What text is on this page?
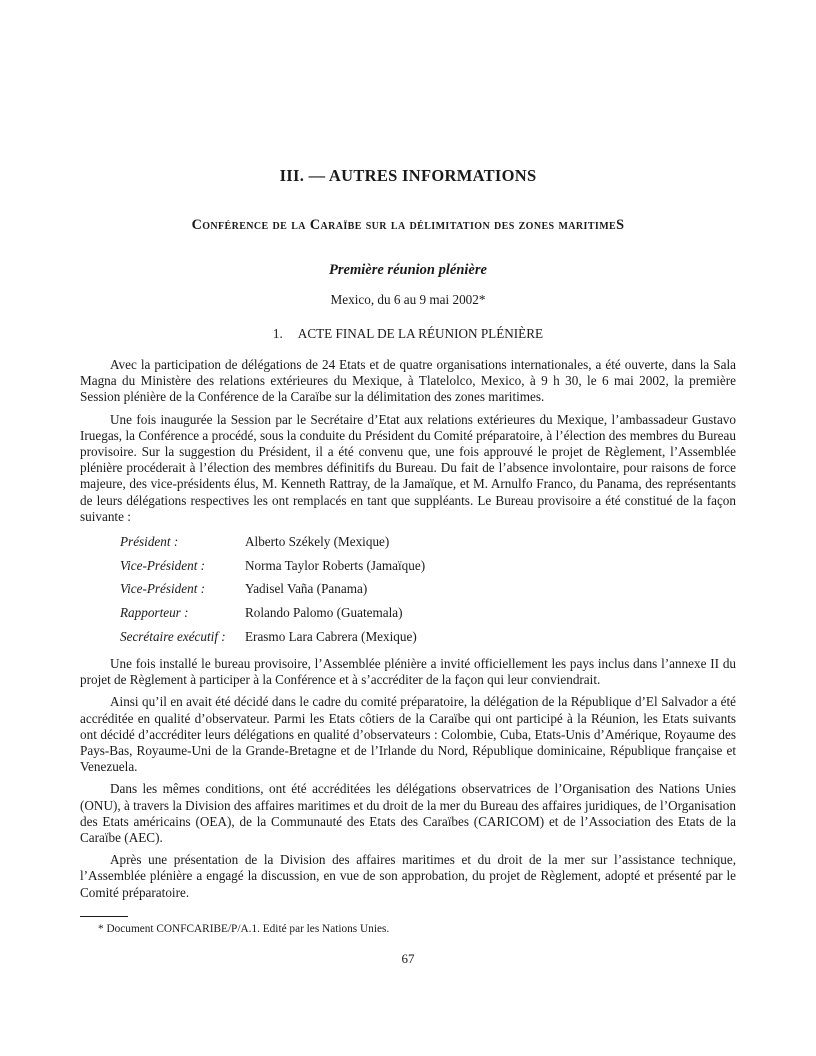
III. — AUTRES INFORMATIONS
Conférence de la Caraïbe sur la délimitation des zones maritimeS
Première réunion plénière
Mexico, du 6 au 9 mai 2002*
1. ACTE FINAL DE LA RÉUNION PLÉNIÈRE

Avec la participation de délégations de 24 Etats et de quatre organisations internationales, a été ouverte, dans la Sala Magna du Ministère des relations extérieures du Mexique, à Tlatelolco, Mexico, à 9 h 30, le 6 mai 2002, la première Session plénière de la Conférence de la Caraïbe sur la délimitation des zones maritimes.

Une fois inaugurée la Session par le Secrétaire d’Etat aux relations extérieures du Mexique, l’ambassadeur Gustavo Iruegas, la Conférence a procédé, sous la conduite du Président du Comité préparatoire, à l’élection des membres du Bureau provisoire. Sur la suggestion du Président, il a été convenu que, une fois approuvé le projet de Règlement, l’Assemblée plénière procéderait à l’élection des membres définitifs du Bureau. Du fait de l’absence involontaire, pour raisons de force majeure, des vice-présidents élus, M. Kenneth Rattray, de la Jamaïque, et M. Arnulfo Franco, du Panama, des représentants de leurs délégations respectives les ont remplacés en tant que suppléants. Le Bureau provisoire a été constitué de la façon suivante :

Président :	Alberto Székely (Mexique)
Vice-Président :	Norma Taylor Roberts (Jamaïque)
Vice-Président :	Yadisel Vaña (Panama)
Rapporteur :	Rolando Palomo (Guatemala)
Secrétaire exécutif :	Erasmo Lara Cabrera (Mexique)

Une fois installé le bureau provisoire, l’Assemblée plénière a invité officiellement les pays inclus dans l’annexe II du projet de Règlement à participer à la Conférence et à s’accréditer de la façon qui leur conviendrait.

Ainsi qu’il en avait été décidé dans le cadre du comité préparatoire, la délégation de la République d’El Salvador a été accréditée en qualité d’observateur. Parmi les Etats côtiers de la Caraïbe qui ont participé à la Réunion, les Etats suivants ont décidé d’accréditer leurs délégations en qualité d’observateurs : Colombie, Cuba, Etats-Unis d’Amérique, Royaume des Pays-Bas, Royaume-Uni de la Grande-Bretagne et de l’Irlande du Nord, République dominicaine, République française et Venezuela.

Dans les mêmes conditions, ont été accréditées les délégations observatrices de l’Organisation des Nations Unies (ONU), à travers la Division des affaires maritimes et du droit de la mer du Bureau des affaires juridiques, de l’Organisation des Etats américains (OEA), de la Communauté des Etats des Caraïbes (CARICOM) et de l’Association des Etats de la Caraïbe (AEC).

Après une présentation de la Division des affaires maritimes et du droit de la mer sur l’assistance technique, l’Assemblée plénière a engagé la discussion, en vue de son approbation, du projet de Règlement, adopté et présenté par le Comité préparatoire.

* Document CONFCARIBE/P/A.1. Edité par les Nations Unies.
67
